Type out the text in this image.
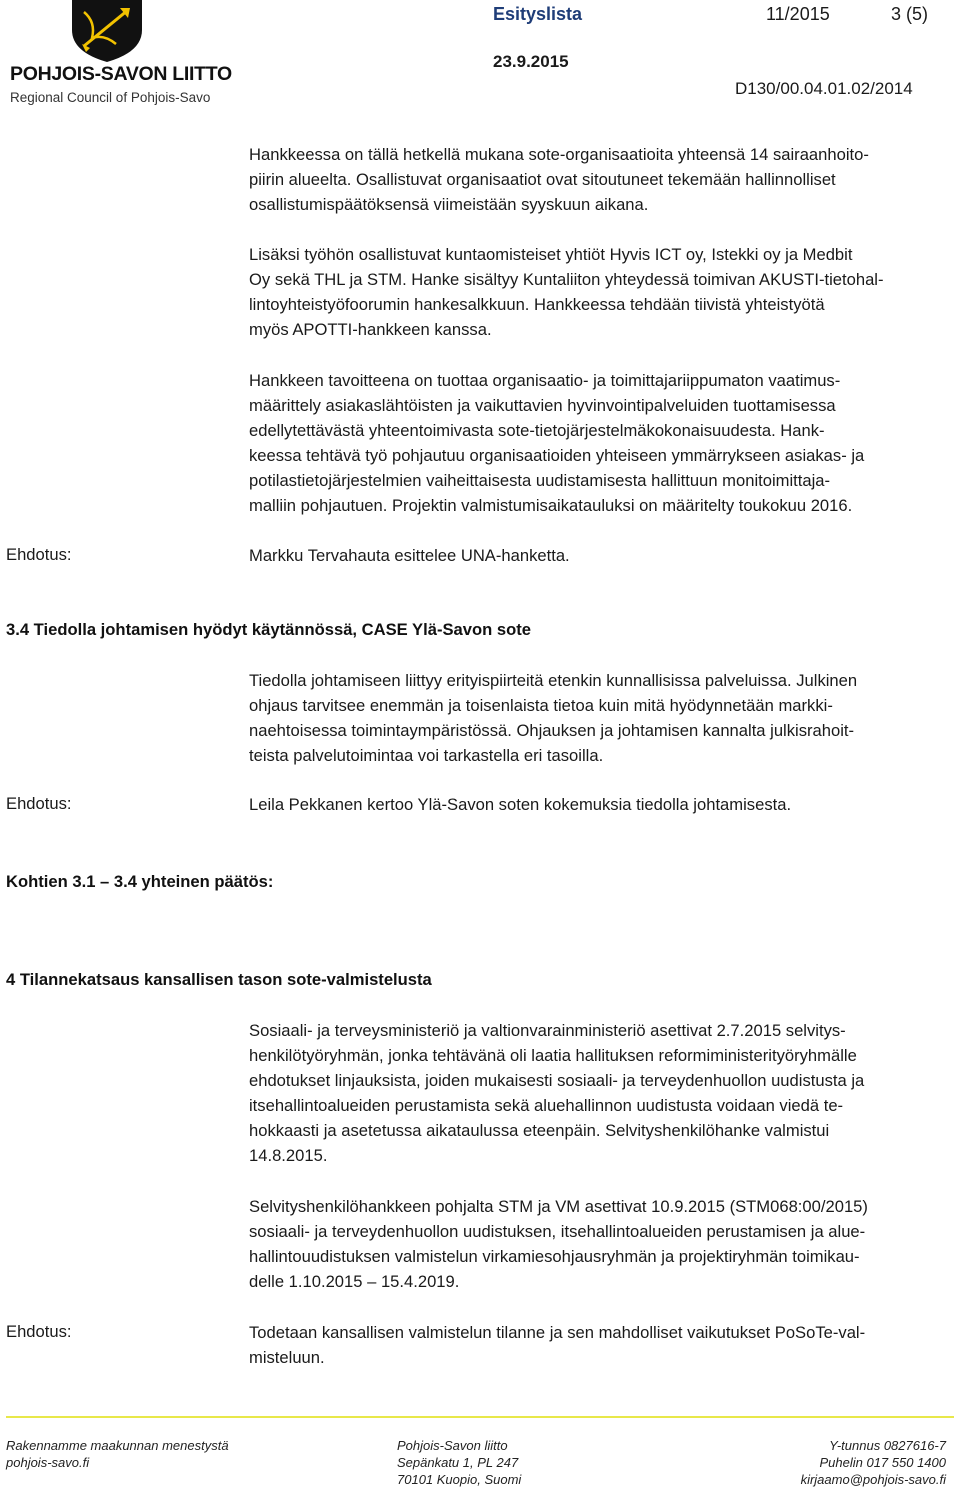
POHJOIS-SAVON LIITTO
Regional Council of Pohjois-Savo
Esityslista	11/2015	3 (5)
23.9.2015
D130/00.04.01.02/2014
Hankkeessa on tällä hetkellä mukana sote-organisaatioita yhteensä 14 sairaanhoito-
piirin alueelta. Osallistuvat organisaatiot ovat sitoutuneet tekemään hallinnolliset
osallistumispäätöksensä viimeistään syyskuun aikana.
Lisäksi työhön osallistuvat kuntaomisteiset yhtiöt Hyvis ICT oy, Istekki oy ja Medbit
Oy sekä THL ja STM. Hanke sisältyy Kuntaliiton yhteydessä toimivan AKUSTI-tietohal-
lintoyhteistyöfoorumin hankesalkkuun. Hankkeessa tehdään tiivistä yhteistyötä
myös APOTTI-hankkeen kanssa.
Hankkeen tavoitteena on tuottaa organisaatio- ja toimittajariippumaton vaatimus-
määrittely asiakaslähtöisten ja vaikuttavien hyvinvointipalveluiden tuottamisessa
edellytettävästä yhteentoimivasta sote-tietojärjestelmäkokonaisuudesta. Hank-
keessa tehtävä työ pohjautuu organisaatioiden yhteiseen ymmärrykseen asiakas- ja
potilastietojärjestelmien vaiheittaisesta uudistamisesta hallittuun monitoimittaja-
malliin pohjautuen. Projektin valmistumisaikatauluksi on määritelty toukokuu 2016.
Ehdotus:	Markku Tervahauta esittelee UNA-hanketta.
3.4 Tiedolla johtamisen hyödyt käytännössä, CASE Ylä-Savon sote
Tiedolla johtamiseen liittyy erityispiirteitä etenkin kunnallisissa palveluissa. Julkinen
ohjaus tarvitsee enemmän ja toisenlaista tietoa kuin mitä hyödynnetään markki-
naehtoisessa toimintaympäristössä. Ohjauksen ja johtamisen kannalta julkisrahoit-
teista palvelutoimintaa voi tarkastella eri tasoilla.
Ehdotus:	Leila Pekkanen kertoo Ylä-Savon soten kokemuksia tiedolla johtamisesta.
Kohtien 3.1 – 3.4 yhteinen päätös:
4 Tilannekatsaus kansallisen tason sote-valmistelusta
Sosiaali- ja terveysministeriö ja valtionvarainministeriö asettivat 2.7.2015 selvitys-
henkilötyöryhmän, jonka tehtävänä oli laatia hallituksen reformiministerityöryhmälle
ehdotukset linjauksista, joiden mukaisesti sosiaali- ja terveydenhuollon uudistusta ja
itsehallintoalueiden perustamista sekä aluehallinnon uudistusta voidaan viedä te-
hokkaasti ja asetetussa aikataulussa eteenpäin. Selvityshenkilöhanke valmistui
14.8.2015.
Selvityshenkilöhankkeen pohjalta STM ja VM asettivat 10.9.2015 (STM068:00/2015)
sosiaali- ja terveydenhuollon uudistuksen, itsehallintoalueiden perustamisen ja alue-
hallintouudistuksen valmistelun virkamiesohjausryhmän ja projektiryhmän toimikau-
delle 1.10.2015 – 15.4.2019.
Ehdotus:	Todetaan kansallisen valmistelun tilanne ja sen mahdolliset vaikutukset PoSoTe-val-
misteluun.
Rakennamme maakunnan menestystä
pohjois-savo.fi
Pohjois-Savon liitto
Sepänkatu 1, PL 247
70101 Kuopio, Suomi
Y-tunnus 0827616-7
Puhelin 017 550 1400
kirjaamo@pohjois-savo.fi
